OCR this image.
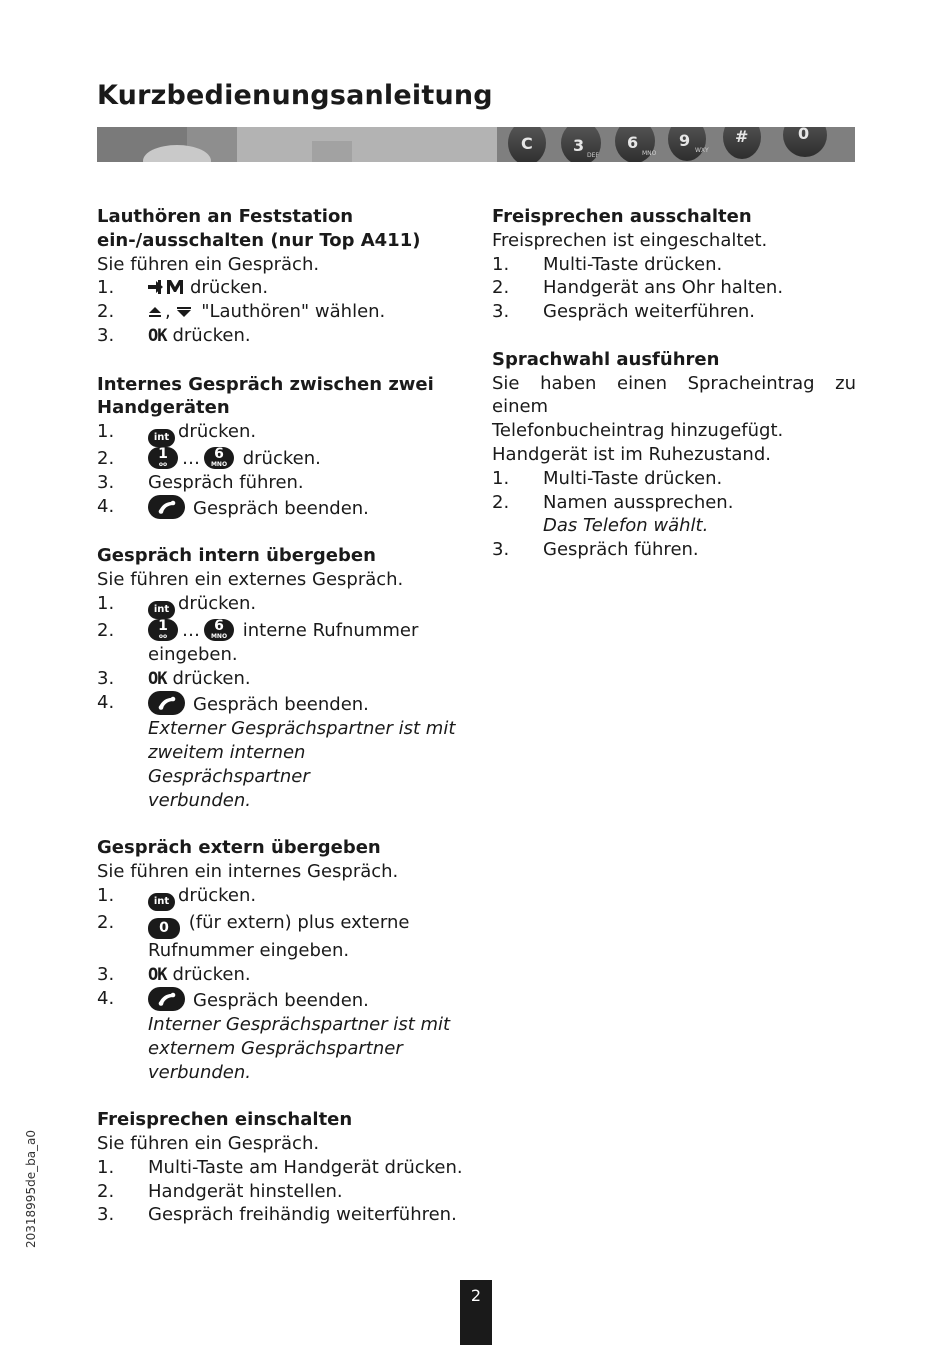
Kurzbedienungsanleitung
C	3	6	9	#	0
DEF	MNO	WXY
Lauthören an Feststation
ein-/ausschalten (nur Top A411)
Sie führen ein Gespräch.
1.	drücken.
2.	, "Lauthören" wählen.
3.	OK drücken.
Internes Gespräch zwischen zwei
Handgeräten
1.	int drücken.
2.	1
oo …	6
MNO drücken.
3.	Gespräch führen.
4.	Gespräch beenden.
Gespräch intern übergeben
Sie führen ein externes Gespräch.
1.	int drücken.
2.	1
oo …	6
MNO interne Rufnummer
eingeben.
3.	OK drücken.
4.	Gespräch beenden.
Externer Gesprächspartner ist mit
zweitem internen Gesprächspartner
verbunden.
Gespräch extern übergeben
Sie führen ein internes Gespräch.
1.	int drücken.
2.	0 (für extern) plus externe
Rufnummer eingeben.
3.	OK drücken.
4.	Gespräch beenden.
Interner Gesprächspartner ist mit
externem Gesprächspartner
verbunden.
Freisprechen einschalten
Sie führen ein Gespräch.
1.	Multi-Taste am Handgerät drücken.
2.	Handgerät hinstellen.
3.	Gespräch freihändig weiterführen.
Freisprechen ausschalten
Freisprechen ist eingeschaltet.
1.	Multi-Taste drücken.
2.	Handgerät ans Ohr halten.
3.	Gespräch weiterführen.
Sprachwahl ausführen
Sie haben einen Spracheintrag zu einem
Telefonbucheintrag hinzugefügt.
Handgerät ist im Ruhezustand.
1.	Multi-Taste drücken.
2.	Namen aussprechen.
Das Telefon wählt.
3.	Gespräch führen.
20318995de_ba_a0
2
